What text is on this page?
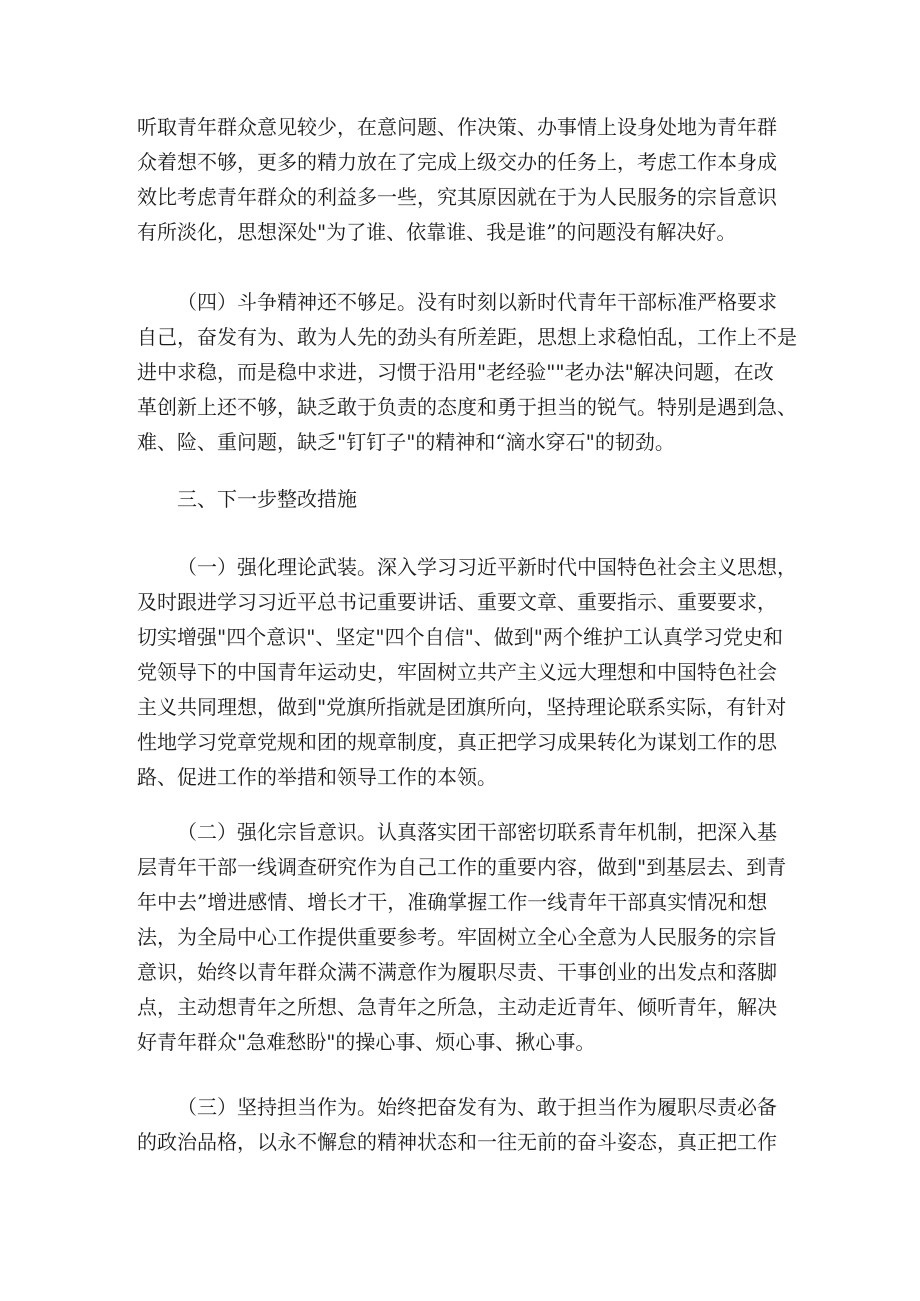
听取青年群众意见较少，在意问题、作决策、办事情上设身处地为青年群
众着想不够，更多的精力放在了完成上级交办的任务上，考虑工作本身成
效比考虑青年群众的利益多一些，究其原因就在于为人民服务的宗旨意识
有所淡化，思想深处"为了谁、依靠谁、我是谁”的问题没有解决好。
（四）斗争精神还不够足。没有时刻以新时代青年干部标准严格要求
自己，奋发有为、敢为人先的劲头有所差距，思想上求稳怕乱，工作上不是
进中求稳，而是稳中求进，习惯于沿用"老经验""老办法"解决问题，在改
革创新上还不够，缺乏敢于负责的态度和勇于担当的锐气。特别是遇到急、
难、险、重问题，缺乏"钉钉子"的精神和“滴水穿石"的韧劲。
三、下一步整改措施
（一）强化理论武装。深入学习习近平新时代中国特色社会主义思想，
及时跟进学习习近平总书记重要讲话、重要文章、重要指示、重要要求，
切实增强"四个意识"、坚定"四个自信"、做到"两个维护工认真学习党史和
党领导下的中国青年运动史，牢固树立共产主义远大理想和中国特色社会
主义共同理想，做到"党旗所指就是团旗所向，坚持理论联系实际，有针对
性地学习党章党规和团的规章制度，真正把学习成果转化为谋划工作的思
路、促进工作的举措和领导工作的本领。
（二）强化宗旨意识。认真落实团干部密切联系青年机制，把深入基
层青年干部一线调查研究作为自己工作的重要内容，做到"到基层去、到青
年中去”增进感情、增长才干，准确掌握工作一线青年干部真实情况和想
法，为全局中心工作提供重要参考。牢固树立全心全意为人民服务的宗旨
意识，始终以青年群众满不满意作为履职尽责、干事创业的出发点和落脚
点，主动想青年之所想、急青年之所急，主动走近青年、倾听青年，解决
好青年群众"急难愁盼"的操心事、烦心事、揪心事。
（三）坚持担当作为。始终把奋发有为、敢于担当作为履职尽责必备
的政治品格，以永不懈怠的精神状态和一往无前的奋斗姿态，真正把工作
